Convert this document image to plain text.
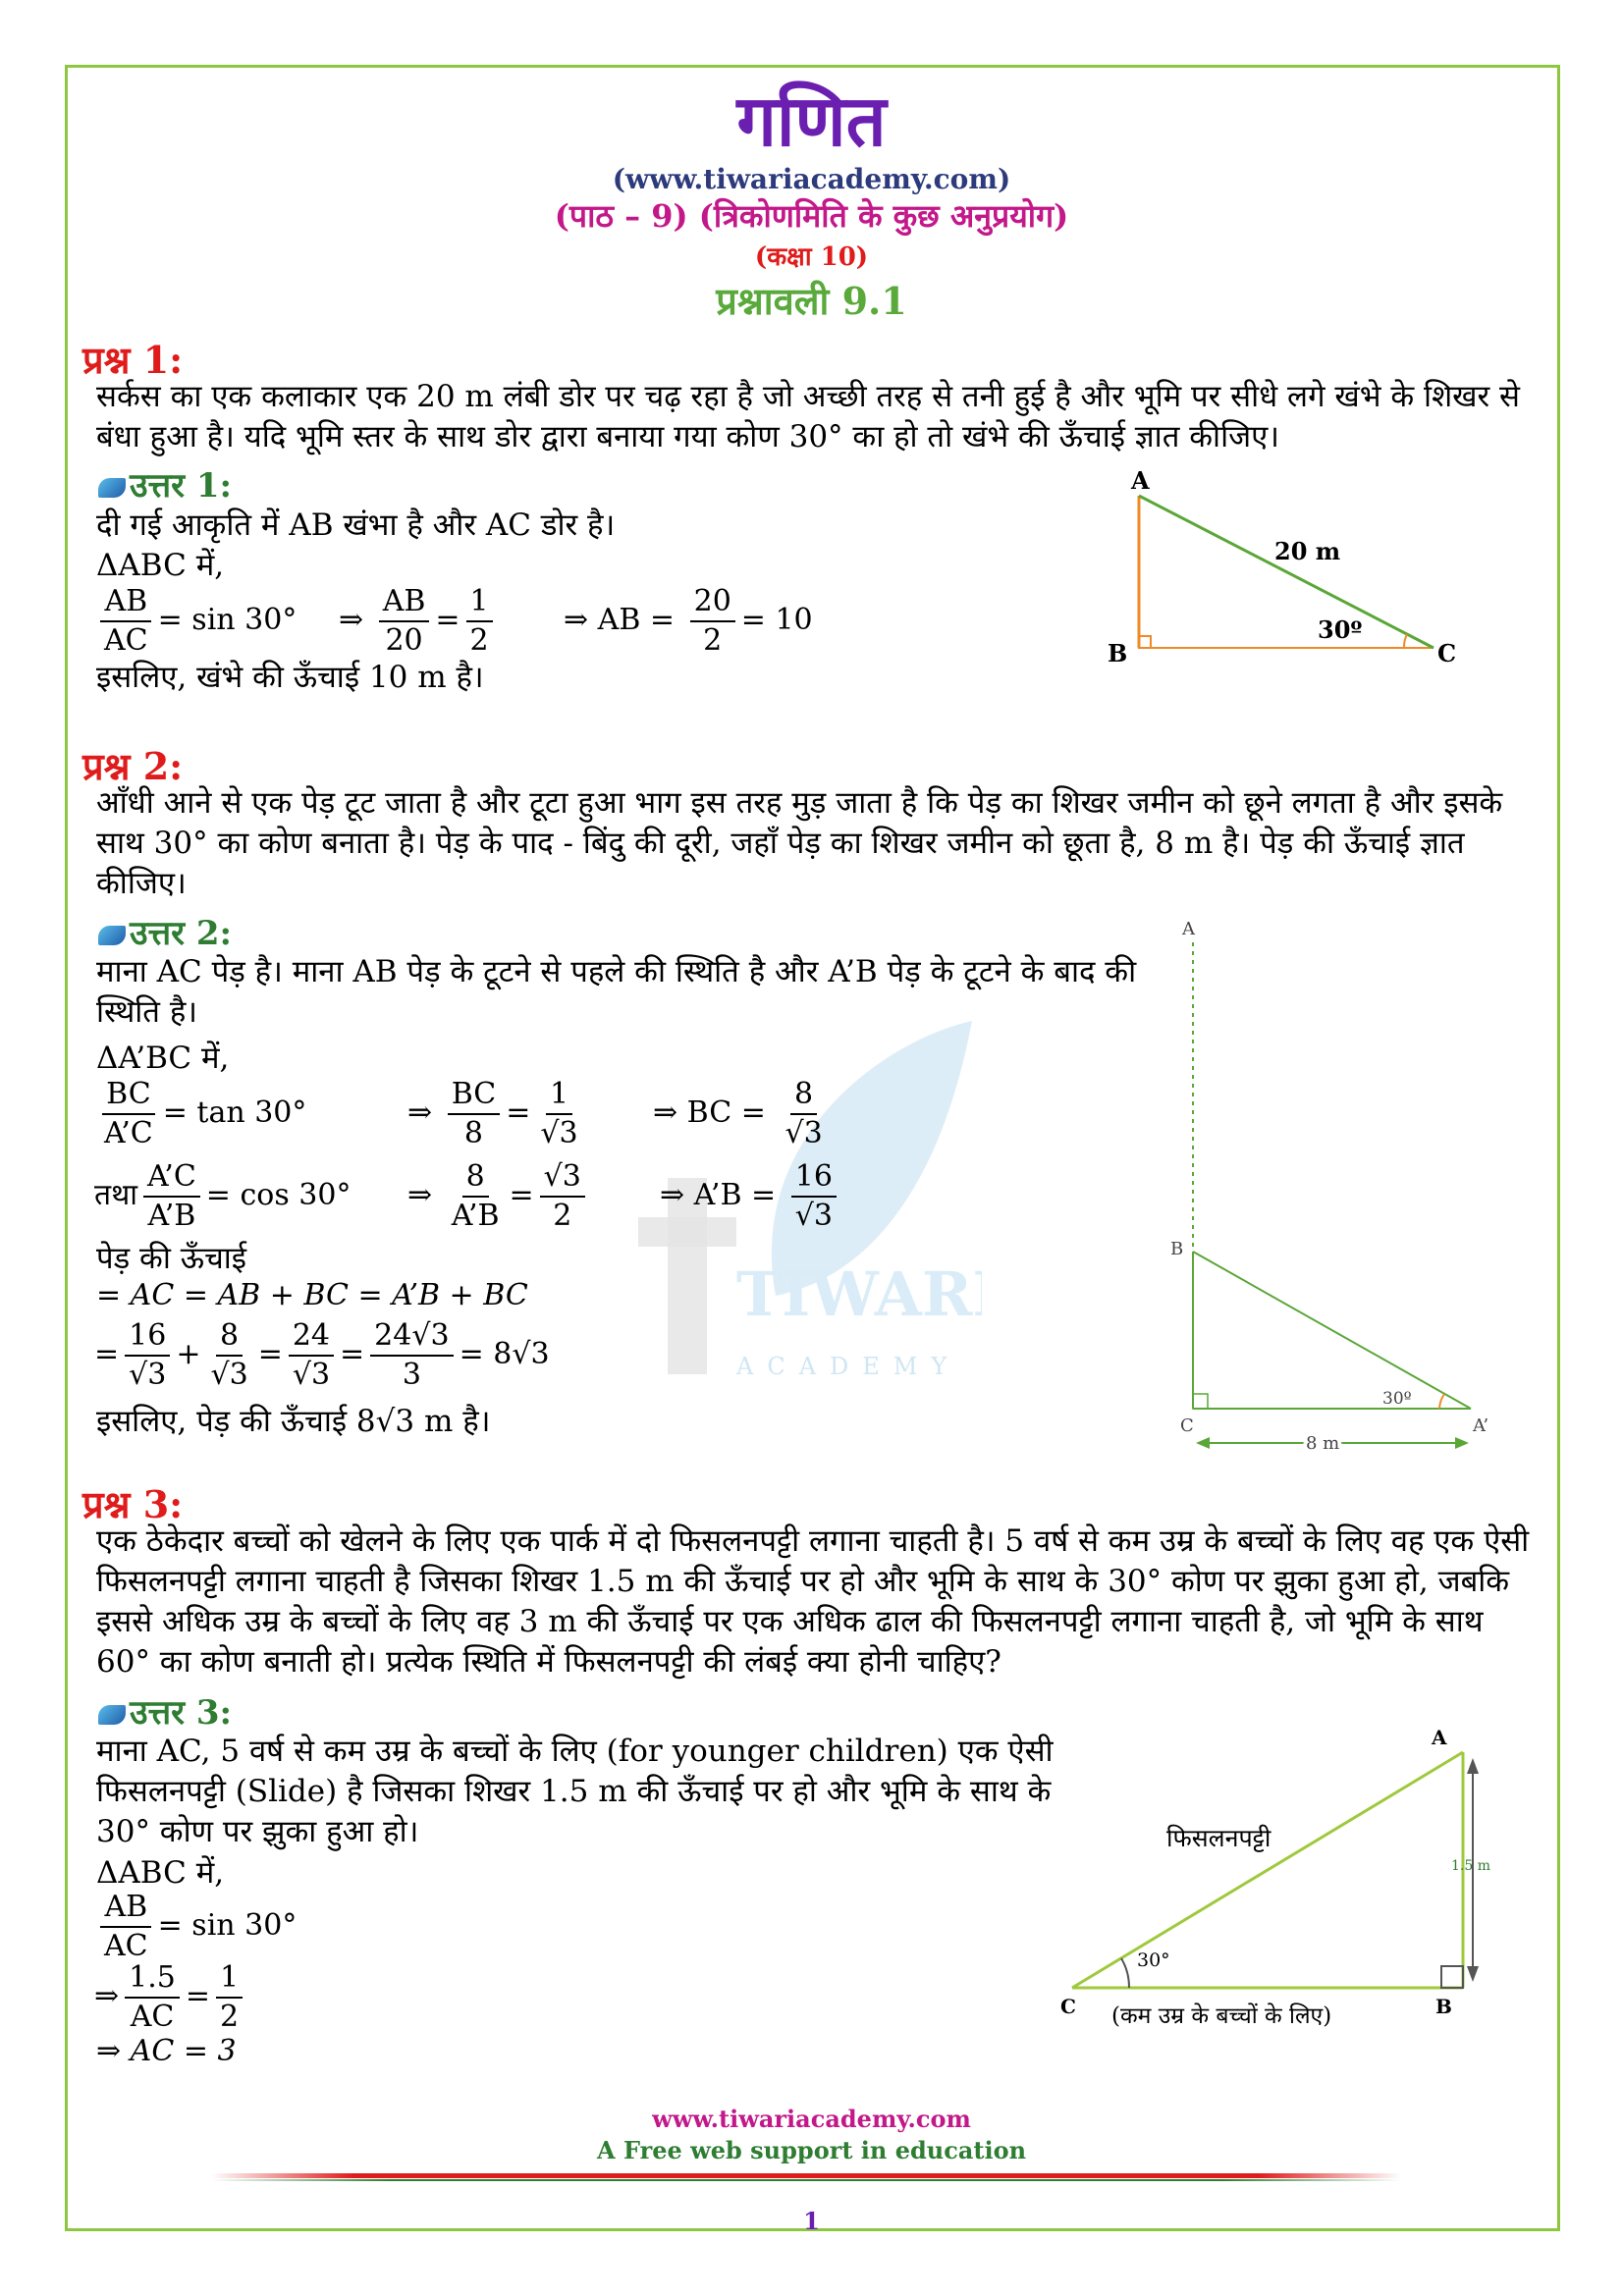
TIWARI
ACADEMY
गणित
(www.tiwariacademy.com)
(पाठ – 9) (त्रिकोणमिति के कुछ अनुप्रयोग)
(कक्षा 10)
प्रश्नावली 9.1
प्रश्न 1:
सर्कस का एक कलाकार एक 20 m लंबी डोर पर चढ़ रहा है जो अच्छी तरह से तनी हुई है और भूमि पर सीधे लगे खंभे के शिखर से
बंधा हुआ है। यदि भूमि स्तर के साथ डोर द्वारा बनाया गया कोण 30° का हो तो खंभे की ऊँचाई ज्ञात कीजिए।
उत्तर 1:
दी गई आकृति में AB खंभा है और AC डोर है।
ΔABC में,
$\frac{AB}{AC} = \sin 30^\circ$ ⇒ $\frac{AB}{20} = \frac{1}{2}$ ⇒ AB = $\frac{20}{2} = 10$
इसलिए, खंभे की ऊँचाई 10 m है।
A
B	C
20 m
30º
प्रश्न 2:
आँधी आने से एक पेड़ टूट जाता है और टूटा हुआ भाग इस तरह मुड़ जाता है कि पेड़ का शिखर जमीन को छूने लगता है और इसके
साथ 30° का कोण बनाता है। पेड़ के पाद - बिंदु की दूरी, जहाँ पेड़ का शिखर जमीन को छूता है, 8 m है। पेड़ की ऊँचाई ज्ञात
कीजिए।
उत्तर 2:
माना AC पेड़ है। माना AB पेड़ के टूटने से पहले की स्थिति है और A’B पेड़ के टूटने के बाद की
स्थिति है।
ΔA’BC में,
$\frac{BC}{A’C} = \tan 30^\circ$	⇒ $\frac{BC}{8} = \frac{1}{√3}$ ⇒ BC = $\frac{8}{√3}$
तथा $\frac{A’C}{A’B} = \cos 30^\circ$ ⇒ $\frac{8}{A’B} = \frac{√3}{2}$	⇒ A’B = $\frac{16}{√3}$
पेड़ की ऊँचाई
= AC = AB + BC = A’B + BC
= $\frac{16}{√3} + \frac{8}{√3} = \frac{24}{√3} = \frac{24√3}{3} = 8√3$
इसलिए, पेड़ की ऊँचाई 8√3 m है।
A
B
C	A’
30º
8 m
प्रश्न 3:
एक ठेकेदार बच्चों को खेलने के लिए एक पार्क में दो फिसलनपट्टी लगाना चाहती है। 5 वर्ष से कम उम्र के बच्चों के लिए वह एक ऐसी
फिसलनपट्टी लगाना चाहती है जिसका शिखर 1.5 m की ऊँचाई पर हो और भूमि के साथ के 30° कोण पर झुका हुआ हो, जबकि
इससे अधिक उम्र के बच्चों के लिए वह 3 m की ऊँचाई पर एक अधिक ढाल की फिसलनपट्टी लगाना चाहती है, जो भूमि के साथ
60° का कोण बनाती हो। प्रत्येक स्थिति में फिसलनपट्टी की लंबई क्या होनी चाहिए?
उत्तर 3:
माना AC, 5 वर्ष से कम उम्र के बच्चों के लिए (for younger children) एक ऐसी
फिसलनपट्टी (Slide) है जिसका शिखर 1.5 m की ऊँचाई पर हो और भूमि के साथ के
30° कोण पर झुका हुआ हो।
ΔABC में,
$\frac{AB}{AC} = \sin 30^\circ$
⇒ $\frac{1.5}{AC} = \frac{1}{2}$
⇒ AC = 3
A
C	B
फिसलनपट्टी
1.5 m
30°
(कम उम्र के बच्चों के लिए)
www.tiwariacademy.com
A Free web support in education
1
